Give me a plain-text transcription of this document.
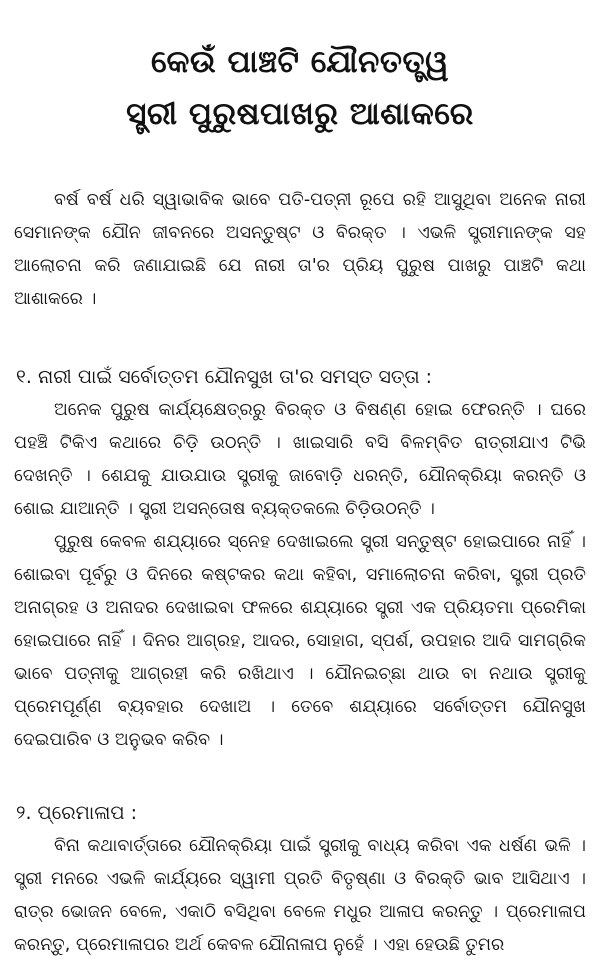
କେଉଁ ପାଞ୍ଚଟି ଯୌନତତ୍ତ୍ୱ
ସ୍ତ୍ରୀ ପୁରୁଷପାଖରୁ ଆଶାକରେ

ବର୍ଷ ବର୍ଷ ଧରି ସ୍ୱାଭାବିକ ଭାବେ ପତି-ପତ୍ନୀ ରୂପେ ରହି ଆସୁଥିବା ଅନେକ ନାରୀ ସେମାନଙ୍କ ଯୌନ ଜୀବନରେ ଅସନ୍ତୁଷ୍ଟ ଓ ବିରକ୍ତ । ଏଭଳି ସ୍ତ୍ରୀମାନଙ୍କ ସହ ଆଲୋଚନା କରି ଜଣାଯାଇଛି ଯେ ନାରୀ ତା'ର ପ୍ରିୟ ପୁରୁଷ ପାଖରୁ ପାଞ୍ଚଟି କଥା ଆଶାକରେ ।

୧. ନାରୀ ପାଇଁ ସର୍ବୋତ୍ତମ ଯୌନସୁଖ ତା'ର ସମସ୍ତ ସତ୍ତା :

ଅନେକ ପୁରୁଷ କାର୍ଯ୍ୟକ୍ଷେତ୍ରରୁ ବିରକ୍ତ ଓ ବିଷଣ୍ଣ ହୋଇ ଫେରନ୍ତି । ଘରେ ପହଞ୍ଚି ଟିକିଏ କଥାରେ ଚିଡ଼ି ଉଠନ୍ତି । ଖାଇସାରି ବସି ବିଳମ୍ବିତ ରାତ୍ରୀଯାଏ ଟିଭି ଦେଖନ୍ତି । ଶେଯକୁ ଯାଉଯାଉ ସ୍ତ୍ରୀକୁ ଜାବୋଡ଼ି ଧରନ୍ତି, ଯୌନକ୍ରିୟା କରନ୍ତି ଓ ଶୋଇ ଯାଆନ୍ତି । ସ୍ତ୍ରୀ ଅସନ୍ତୋଷ ବ୍ୟକ୍ତକଲେ ଚିଡ଼ିଉଠନ୍ତି ।

ପୁରୁଷ କେବଳ ଶଯ୍ୟାରେ ସ୍ନେହ ଦେଖାଇଲେ ସ୍ତ୍ରୀ ସନ୍ତୁଷ୍ଟ ହୋଇପାରେ ନାହିଁ । ଶୋଇବା ପୂର୍ବରୁ ଓ ଦିନରେ କଷ୍ଟକର କଥା କହିବା, ସମାଲୋଚନା କରିବା, ସ୍ତ୍ରୀ ପ୍ରତି ଅନାଗ୍ରହ ଓ ଅନାଦର ଦେଖାଇବା ଫଳରେ ଶଯ୍ୟାରେ ସ୍ତ୍ରୀ ଏକ ପ୍ରିୟତମା ପ୍ରେମିକା ହୋଇପାରେ ନାହିଁ । ଦିନର ଆଗ୍ରହ, ଆଦର, ସୋହାଗ, ସ୍ପର୍ଶ, ଉପହାର ଆଦି ସାମଗ୍ରିକ ଭାବେ ପତ୍ନୀକୁ ଆଗ୍ରହୀ କରି ରଖିଥାଏ । ଯୌନଇଚ୍ଛା ଥାଉ ବା ନଥାଉ ସ୍ତ୍ରୀକୁ ପ୍ରେମପୂର୍ଣ୍ଣ ବ୍ୟବହାର ଦେଖାଅ । ତେବେ ଶଯ୍ୟାରେ ସର୍ବୋତ୍ତମ ଯୌନସୁଖ ଦେଇପାରିବ ଓ ଅନୁଭବ କରିବ ।

୨. ପ୍ରେମାଳାପ :

ବିନା କଥାବାର୍ତ୍ତାରେ ଯୌନକ୍ରିୟା ପାଇଁ ସ୍ତ୍ରୀକୁ ବାଧ୍ୟ କରିବା ଏକ ଧର୍ଷଣ ଭଳି । ସ୍ତ୍ରୀ ମନରେ ଏଭଳି କାର୍ଯ୍ୟରେ ସ୍ୱାମୀ ପ୍ରତି ବିତୃଷ୍ଣା ଓ ବିରକ୍ତି ଭାବ ଆସିଥାଏ । ରାତ୍ର ଭୋଜନ ବେଳେ, ଏକାଠି ବସିଥିବା ବେଳେ ମଧୁର ଆଳାପ କରନ୍ତୁ । ପ୍ରେମାଳାପ କରନ୍ତୁ, ପ୍ରେମାଳାପର ଅର୍ଥ କେବଳ ଯୌନାଳାପ ନୁହେଁ । ଏହା ହେଉଛି ତୁମର
